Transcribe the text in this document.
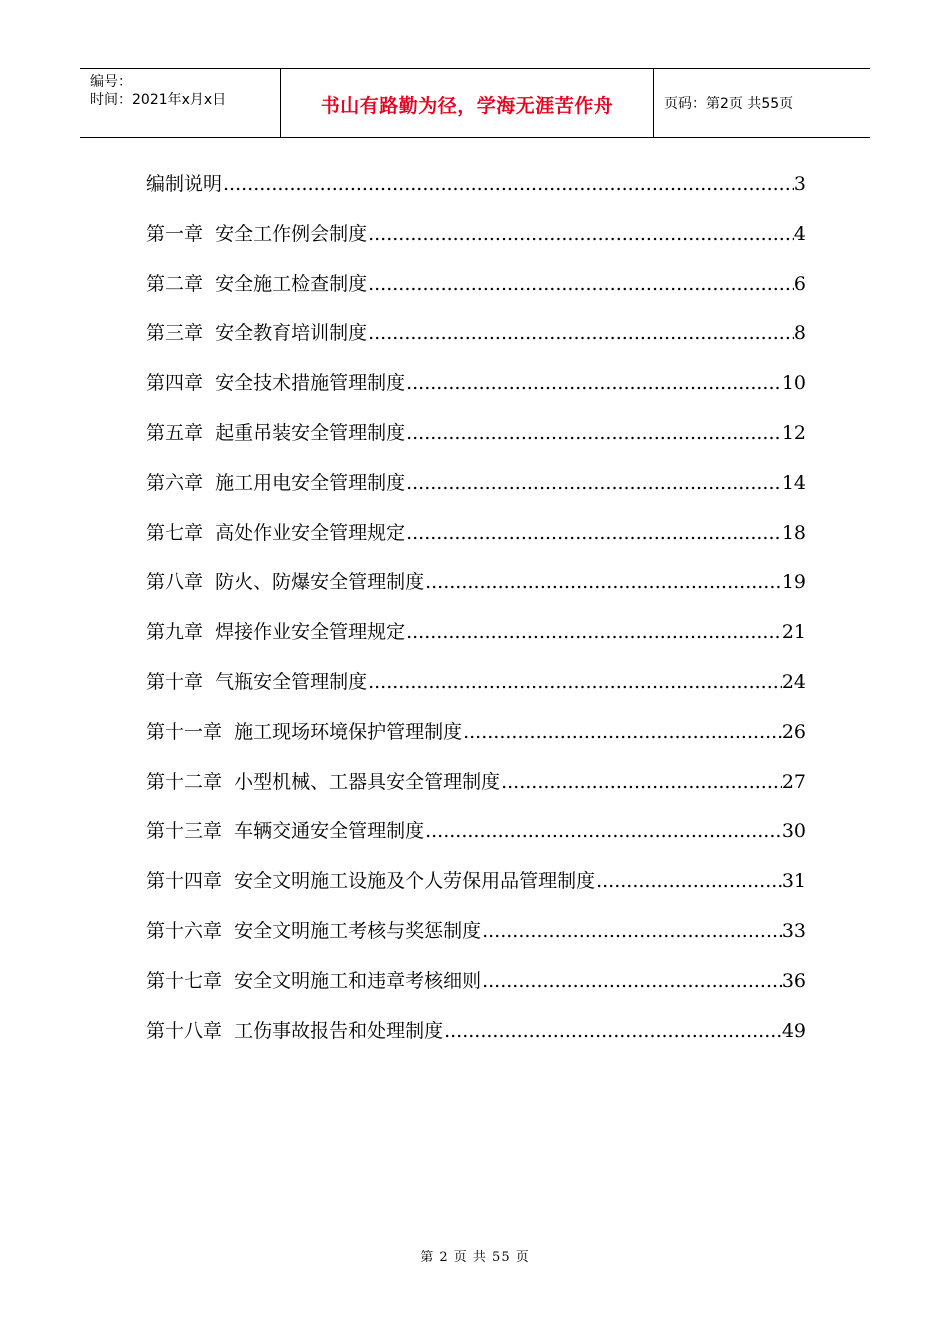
编号：
时间：2021年x月x日	书山有路勤为径，学海无涯苦作舟	页码：第2页 共55页
编制说明 .....	3
第一章  安全工作例会制度 .....	4
第二章  安全施工检查制度 .....	6
第三章  安全教育培训制度 .....	8
第四章  安全技术措施管理制度 .....	10
第五章  起重吊装安全管理制度 .....	12
第六章  施工用电安全管理制度 .....	14
第七章  高处作业安全管理规定 .....	18
第八章  防火、防爆安全管理制度 .....	19
第九章  焊接作业安全管理规定 .....	21
第十章  气瓶安全管理制度 .....	24
第十一章  施工现场环境保护管理制度 .....	26
第十二章  小型机械、工器具安全管理制度 .....	27
第十三章  车辆交通安全管理制度 .....	30
第十四章  安全文明施工设施及个人劳保用品管理制度 .....	31
第十六章  安全文明施工考核与奖惩制度 .....	33
第十七章  安全文明施工和违章考核细则 .....	36
第十八章  工伤事故报告和处理制度 .....	49
第 2 页 共 55 页
